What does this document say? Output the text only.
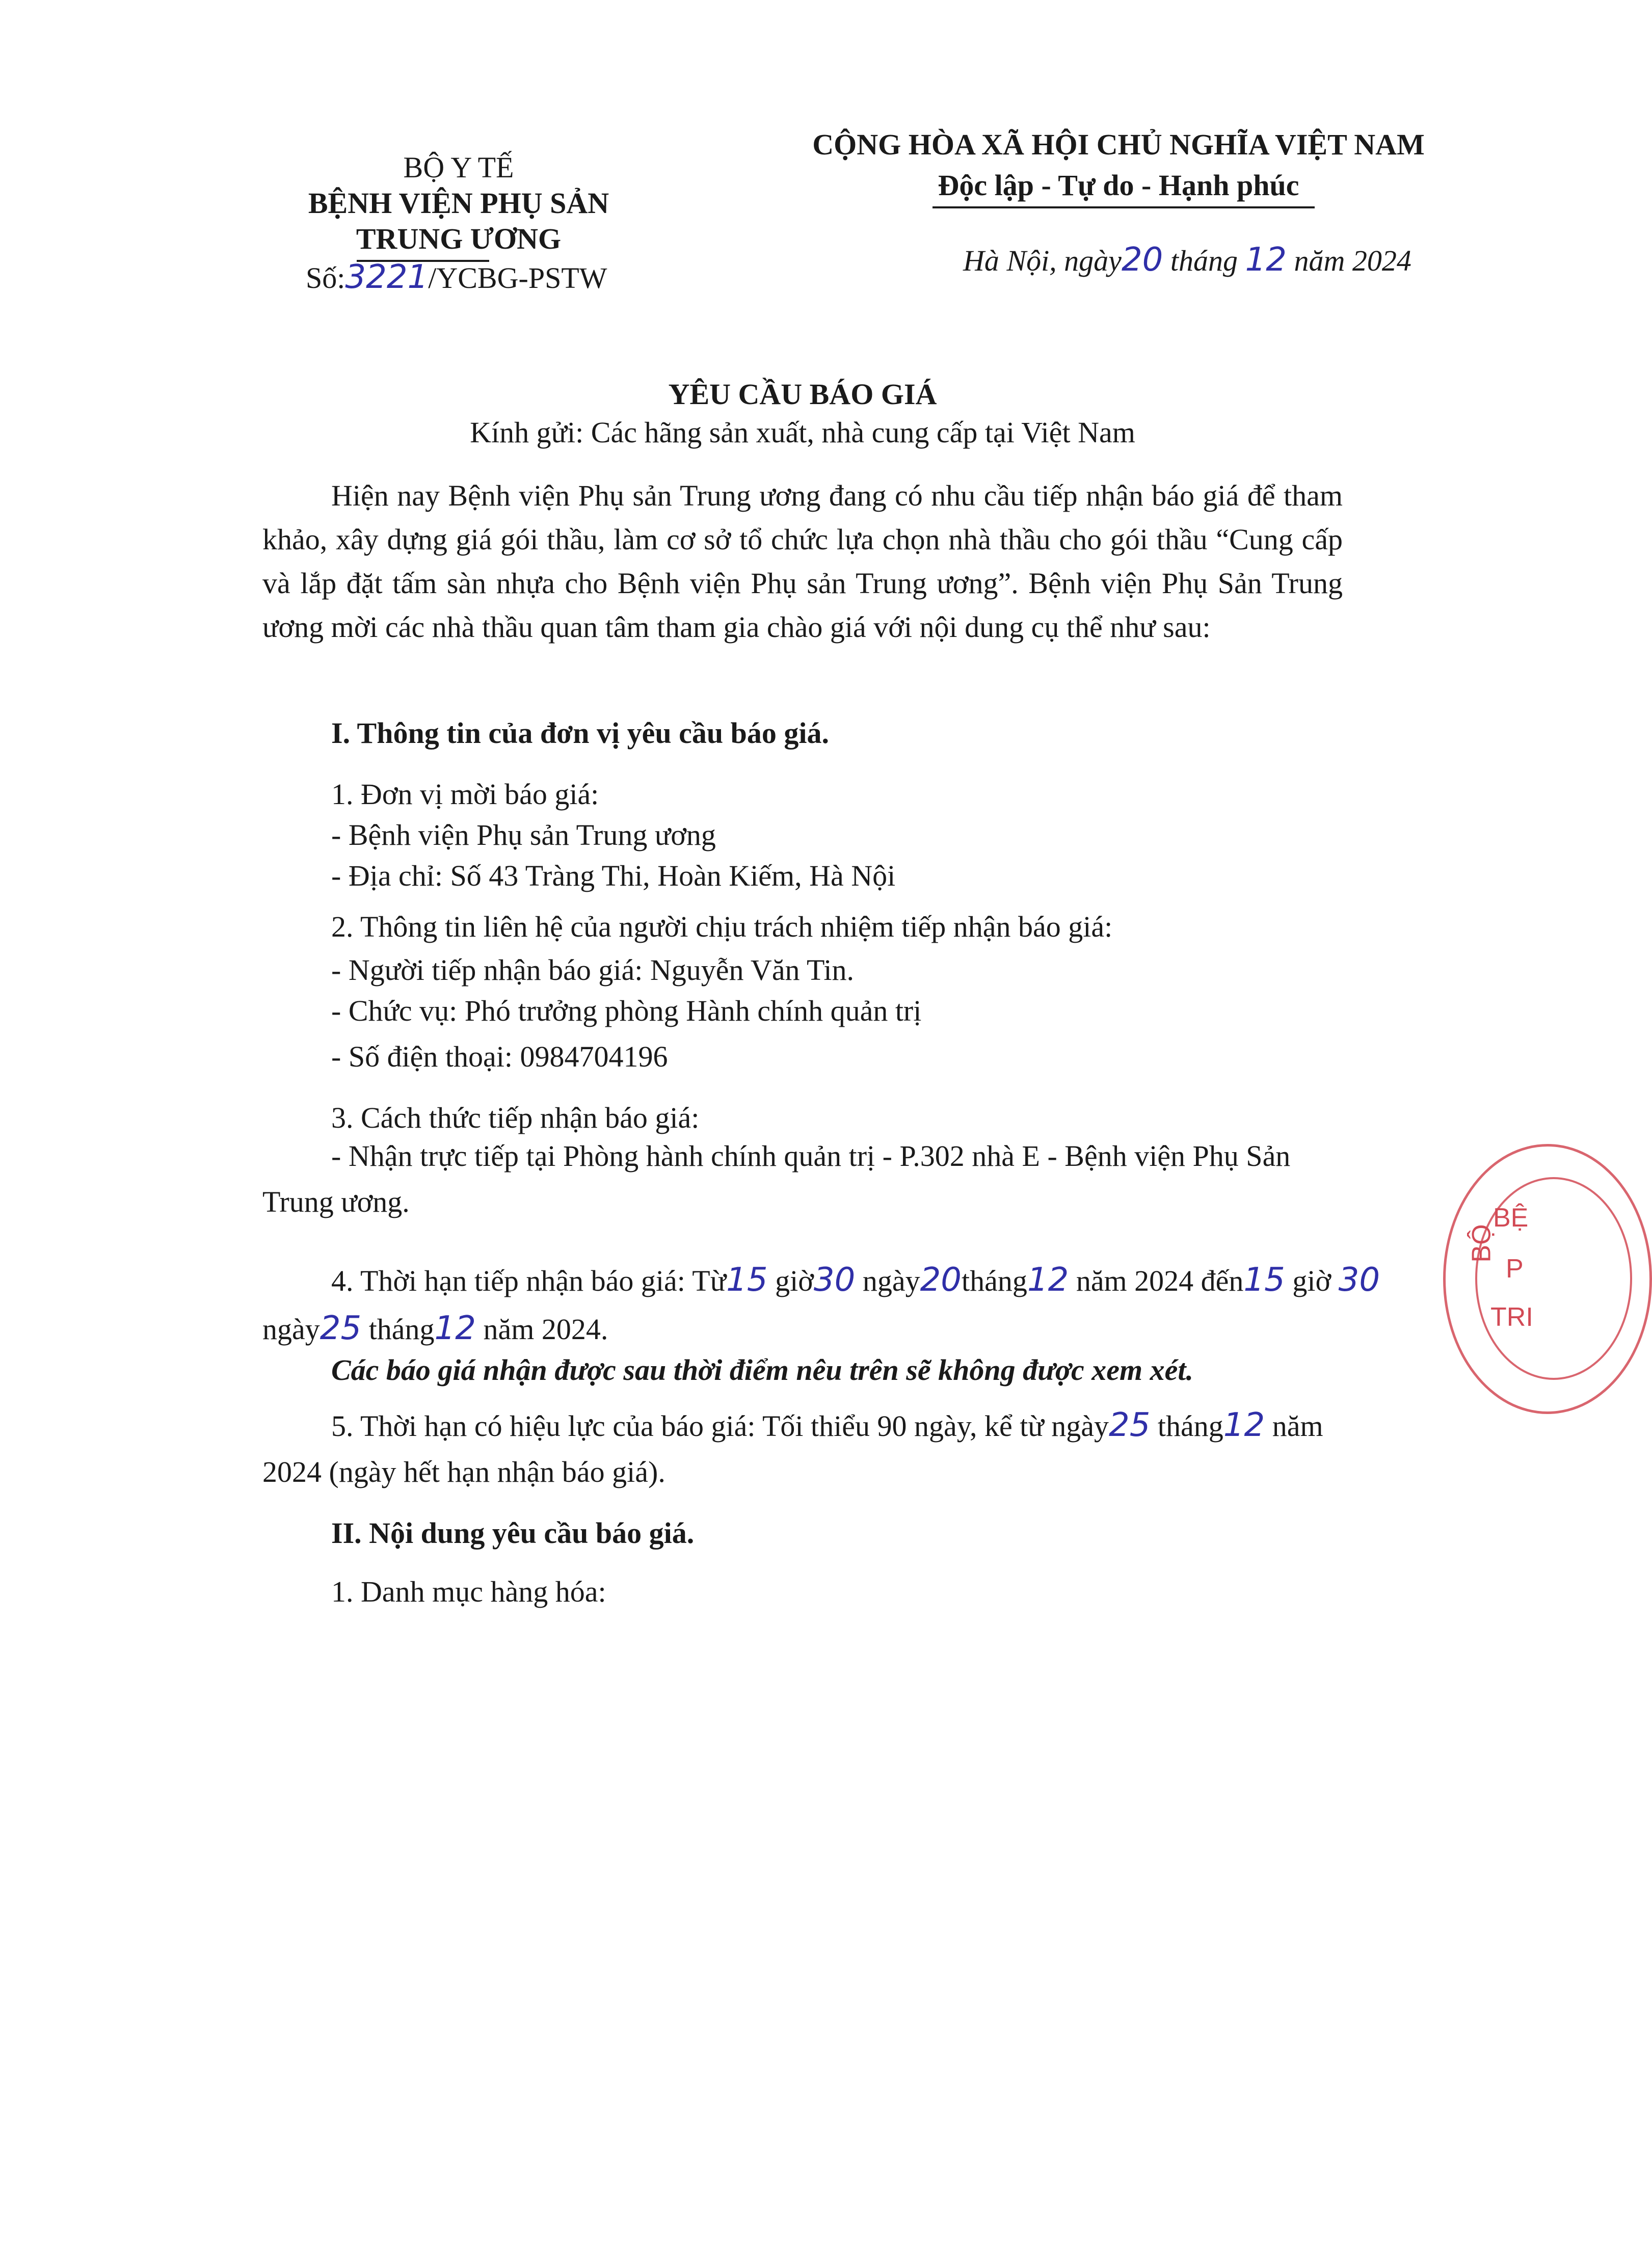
BỘ Y TẾ
BỆNH VIỆN PHỤ SẢN
TRUNG ƯƠNG
Số:3221/YCBG-PSTW
CỘNG HÒA XÃ HỘI CHỦ NGHĨA VIỆT NAM
Độc lập - Tự do - Hạnh phúc
Hà Nội, ngày20 tháng 12 năm 2024
YÊU CẦU BÁO GIÁ
Kính gửi: Các hãng sản xuất, nhà cung cấp tại Việt Nam
Hiện nay Bệnh viện Phụ sản Trung ương đang có nhu cầu tiếp nhận báo giá để tham khảo, xây dựng giá gói thầu, làm cơ sở tổ chức lựa chọn nhà thầu cho gói thầu “Cung cấp và lắp đặt tấm sàn nhựa cho Bệnh viện Phụ sản Trung ương”. Bệnh viện Phụ Sản Trung ương mời các nhà thầu quan tâm tham gia chào giá với nội dung cụ thể như sau:
I. Thông tin của đơn vị yêu cầu báo giá.
1. Đơn vị mời báo giá:
- Bệnh viện Phụ sản Trung ương
- Địa chỉ: Số 43 Tràng Thi, Hoàn Kiếm, Hà Nội
2. Thông tin liên hệ của người chịu trách nhiệm tiếp nhận báo giá:
- Người tiếp nhận báo giá: Nguyễn Văn Tin.
- Chức vụ: Phó trưởng phòng Hành chính quản trị
- Số điện thoại: 0984704196
3. Cách thức tiếp nhận báo giá:
- Nhận trực tiếp tại Phòng hành chính quản trị - P.302 nhà E - Bệnh viện Phụ Sản
Trung ương.
4. Thời hạn tiếp nhận báo giá: Từ15 giờ30 ngày20tháng12 năm 2024 đến15 giờ 30
ngày25 tháng12 năm 2024.
Các báo giá nhận được sau thời điểm nêu trên sẽ không được xem xét.
5. Thời hạn có hiệu lực của báo giá: Tối thiểu 90 ngày, kể từ ngày25 tháng12 năm
2024 (ngày hết hạn nhận báo giá).
II. Nội dung yêu cầu báo giá.
1. Danh mục hàng hóa:
BỘ
BỆ
P
TRI
